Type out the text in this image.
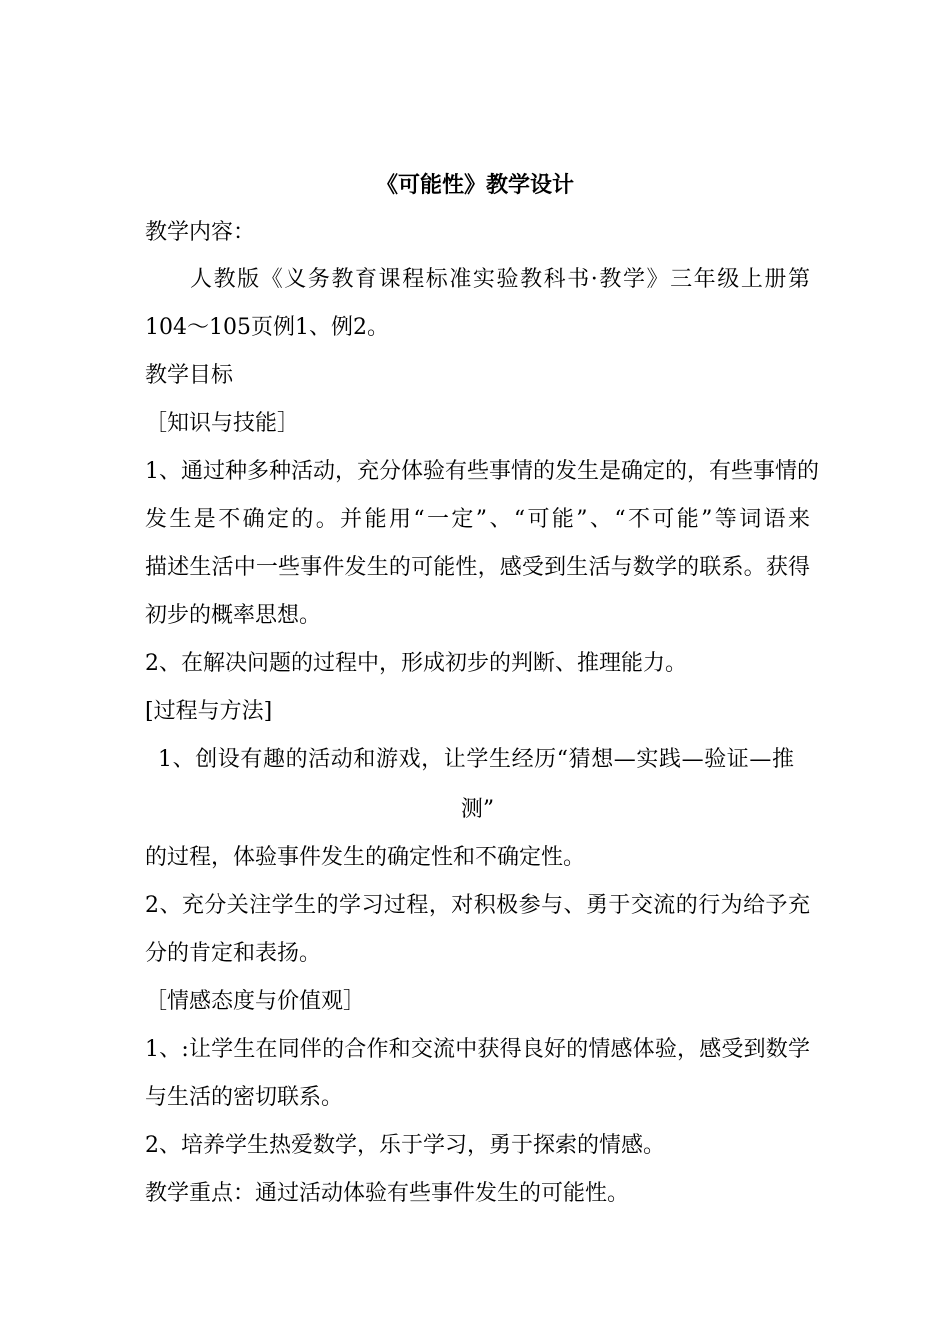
《可能性》教学设计
教学内容：
人教版《义务教育课程标准实验教科书·教学》三年级上册第
104～105页例1、例2。
教学目标
［知识与技能］
1、通过种多种活动，充分体验有些事情的发生是确定的，有些事情的
发生是不确定的。并能用“一定”、“可能”、“不可能”等词语来
描述生活中一些事件发生的可能性，感受到生活与数学的联系。获得
初步的概率思想。
2、在解决问题的过程中，形成初步的判断、推理能力。
[过程与方法]
1、创设有趣的活动和游戏，让学生经历“猜想—实践—验证—推
测”
的过程，体验事件发生的确定性和不确定性。
2、充分关注学生的学习过程，对积极参与、勇于交流的行为给予充
分的肯定和表扬。
［情感态度与价值观］
1、:让学生在同伴的合作和交流中获得良好的情感体验，感受到数学
与生活的密切联系。
2、培养学生热爱数学，乐于学习，勇于探索的情感。
教学重点：通过活动体验有些事件发生的可能性。
